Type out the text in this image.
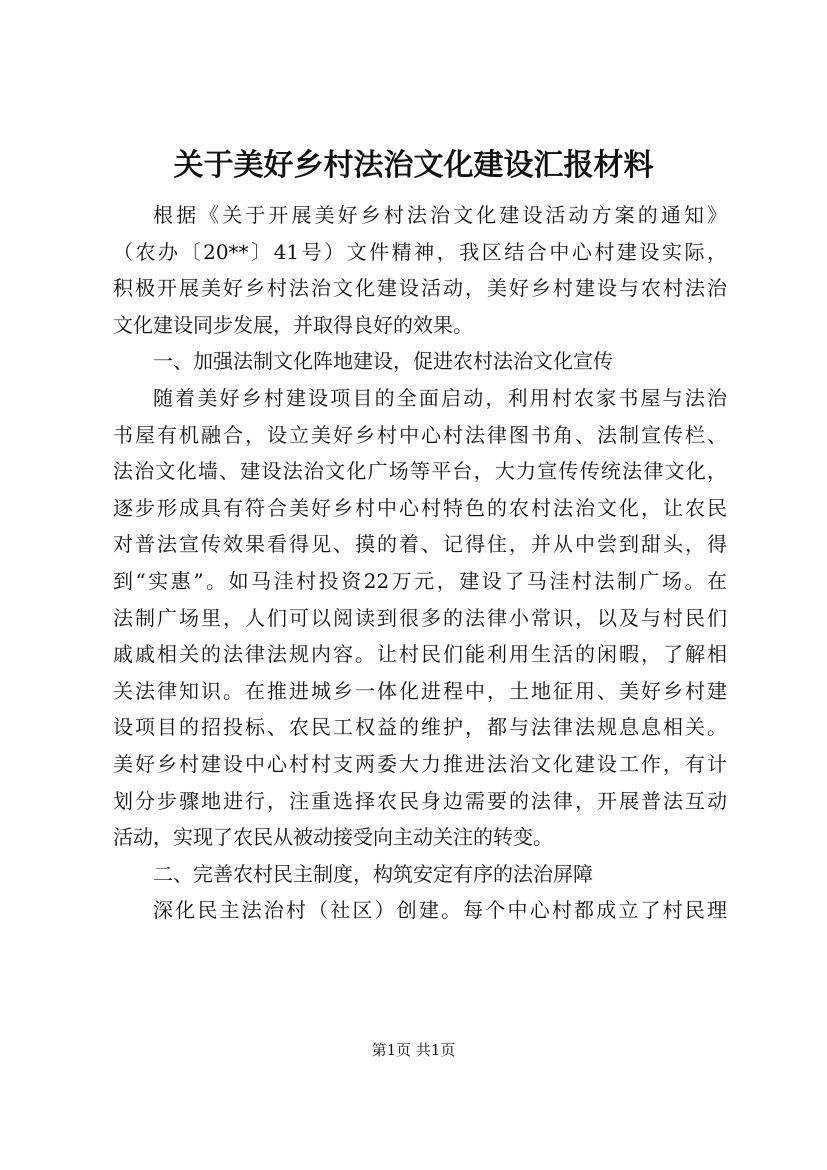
关于美好乡村法治文化建设汇报材料
根据《关于开展美好乡村法治文化建设活动方案的通知》
（农办〔20**〕41号）文件精神，我区结合中心村建设实际，
积极开展美好乡村法治文化建设活动，美好乡村建设与农村法治
文化建设同步发展，并取得良好的效果。
一、加强法制文化阵地建设，促进农村法治文化宣传
随着美好乡村建设项目的全面启动，利用村农家书屋与法治
书屋有机融合，设立美好乡村中心村法律图书角、法制宣传栏、
法治文化墙、建设法治文化广场等平台，大力宣传传统法律文化，
逐步形成具有符合美好乡村中心村特色的农村法治文化，让农民
对普法宣传效果看得见、摸的着、记得住，并从中尝到甜头，得
到“实惠”。如马洼村投资22万元，建设了马洼村法制广场。在
法制广场里，人们可以阅读到很多的法律小常识，以及与村民们
戚戚相关的法律法规内容。让村民们能利用生活的闲暇，了解相
关法律知识。在推进城乡一体化进程中，土地征用、美好乡村建
设项目的招投标、农民工权益的维护，都与法律法规息息相关。
美好乡村建设中心村村支两委大力推进法治文化建设工作，有计
划分步骤地进行，注重选择农民身边需要的法律，开展普法互动
活动，实现了农民从被动接受向主动关注的转变。
二、完善农村民主制度，构筑安定有序的法治屏障
深化民主法治村（社区）创建。每个中心村都成立了村民理
第1页 共1页
